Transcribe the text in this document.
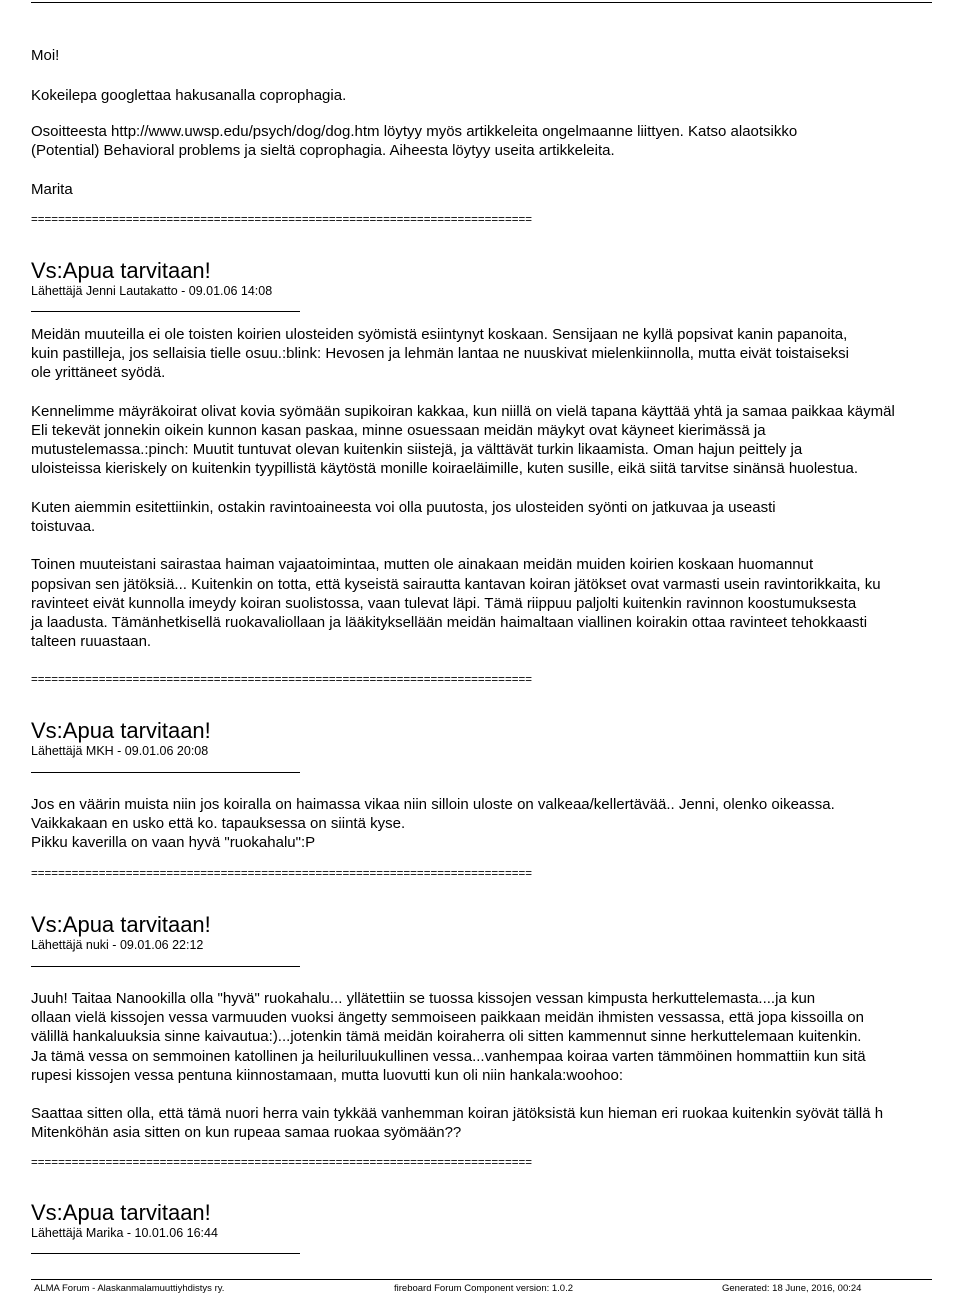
Moi!

Kokeilepa googlettaa hakusanalla coprophagia.

Osoitteesta http://www.uwsp.edu/psych/dog/dog.htm löytyy myös artikkeleita ongelmaanne liittyen. Katso alaotsikko

(Potential) Behavioral problems ja sieltä coprophagia. Aiheesta löytyy useita artikkeleita.

Marita

==========================================================================

Vs:Apua tarvitaan!

Lähettäjä Jenni Lautakatto - 09.01.06 14:08

Meidän muuteilla ei ole toisten koirien ulosteiden syömistä esiintynyt koskaan. Sensijaan ne kyllä popsivat kanin papanoita,

kuin pastilleja, jos sellaisia tielle osuu.:blink: Hevosen ja lehmän lantaa ne nuuskivat mielenkiinnolla, mutta eivät toistaiseksi

ole yrittäneet syödä.

Kennelimme mäyräkoirat olivat kovia syömään supikoiran kakkaa, kun niillä on vielä tapana käyttää yhtä ja samaa paikkaa käymäl

Eli tekevät jonnekin oikein kunnon kasan paskaa, minne osuessaan meidän mäykyt ovat käyneet kierimässä ja

mutustelemassa.:pinch: Muutit tuntuvat olevan kuitenkin siistejä, ja välttävät turkin likaamista. Oman hajun peittely ja

uloisteissa kieriskely on kuitenkin tyypillistä käytöstä monille koiraeläimille, kuten susille, eikä siitä tarvitse sinänsä huolestua.

Kuten aiemmin esitettiinkin, ostakin ravintoaineesta voi olla puutosta, jos ulosteiden syönti on jatkuvaa ja useasti

toistuvaa.

Toinen muuteistani sairastaa haiman vajaatoimintaa, mutten ole ainakaan meidän muiden koirien koskaan huomannut

popsivan sen jätöksiä... Kuitenkin on totta, että kyseistä sairautta kantavan koiran jätökset ovat varmasti usein ravintorikkaita, ku

ravinteet eivät kunnolla imeydy koiran suolistossa, vaan tulevat läpi. Tämä riippuu paljolti kuitenkin ravinnon koostumuksesta

ja laadusta. Tämänhetkisellä ruokavaliollaan ja lääkityksellään meidän haimaltaan viallinen koirakin ottaa ravinteet tehokkaasti

talteen ruuastaan.

==========================================================================

Vs:Apua tarvitaan!

Lähettäjä MKH - 09.01.06 20:08

Jos en väärin muista niin jos koiralla on haimassa vikaa niin silloin uloste on valkeaa/kellertävää.. Jenni, olenko oikeassa.

Vaikkakaan en usko että ko. tapauksessa on siintä kyse.

Pikku kaverilla on vaan hyvä "ruokahalu":P

==========================================================================

Vs:Apua tarvitaan!

Lähettäjä nuki - 09.01.06 22:12

Juuh! Taitaa Nanookilla olla "hyvä" ruokahalu... yllätettiin se tuossa kissojen vessan kimpusta herkuttelemasta....ja kun

ollaan vielä kissojen vessa varmuuden vuoksi ängetty semmoiseen paikkaan meidän ihmisten vessassa, että jopa kissoilla on

välillä hankaluuksia sinne kaivautua:)...jotenkin tämä meidän koiraherra oli sitten kammennut sinne herkuttelemaan kuitenkin.

Ja tämä vessa on semmoinen katollinen ja heiluriluukullinen vessa...vanhempaa koiraa varten tämmöinen hommattiin kun sitä

rupesi kissojen vessa pentuna kiinnostamaan, mutta luovutti kun oli niin hankala:woohoo:

Saattaa sitten olla, että tämä nuori herra vain tykkää vanhemman koiran jätöksistä kun hieman eri ruokaa kuitenkin syövät tällä h

Mitenköhän asia sitten on kun rupeaa samaa ruokaa syömään??

==========================================================================

Vs:Apua tarvitaan!

Lähettäjä Marika - 10.01.06 16:44

ALMA Forum - Alaskanmalamuuttiyhdistys ry.	fireboard Forum Component version: 1.0.2	Generated: 18 June, 2016, 00:24
